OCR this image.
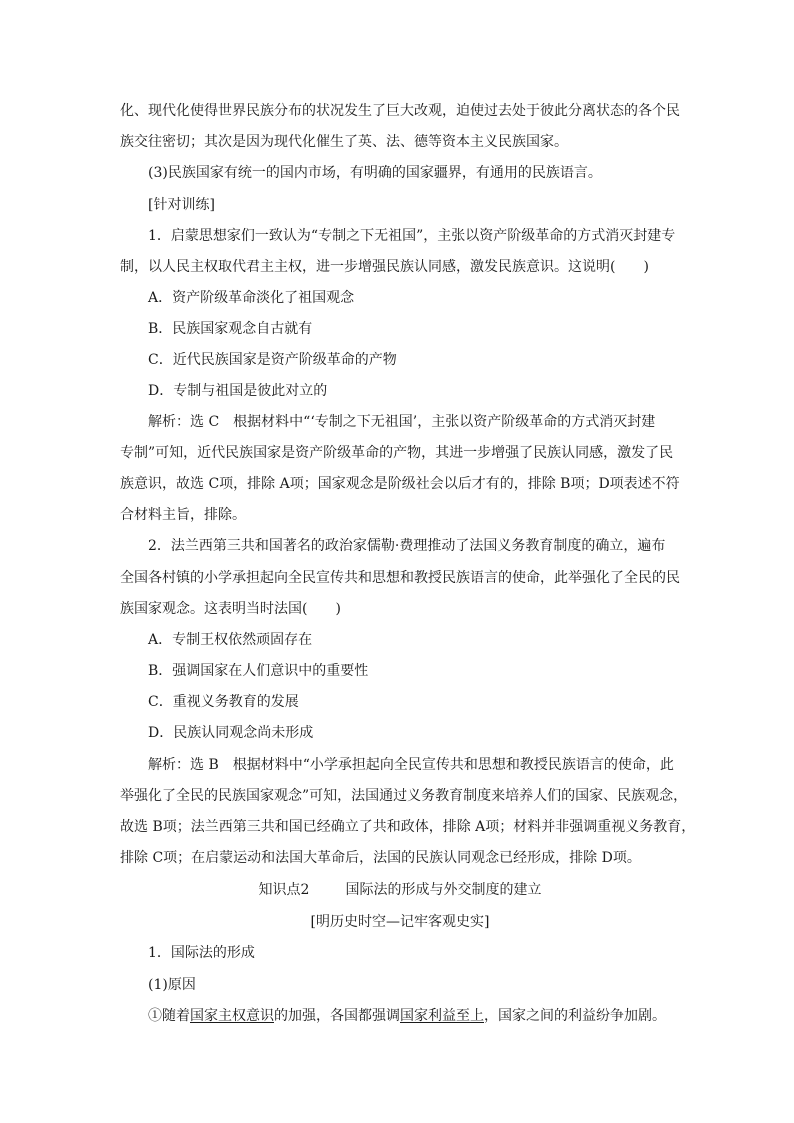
化、现代化使得世界民族分布的状况发生了巨大改观，迫使过去处于彼此分离状态的各个民
族交往密切；其次是因为现代化催生了英、法、德等资本主义民族国家。
(3)民族国家有统一的国内市场，有明确的国家疆界，有通用的民族语言。
[针对训练]
1．启蒙思想家们一致认为“专制之下无祖国”，主张以资产阶级革命的方式消灭封建专
制，以人民主权取代君主主权，进一步增强民族认同感，激发民族意识。这说明(　　)
A．资产阶级革命淡化了祖国观念
B．民族国家观念自古就有
C．近代民族国家是资产阶级革命的产物
D．专制与祖国是彼此对立的
解析：选 C　根据材料中“‘专制之下无祖国’，主张以资产阶级革命的方式消灭封建
专制”可知，近代民族国家是资产阶级革命的产物，其进一步增强了民族认同感，激发了民
族意识，故选 C项，排除 A项；国家观念是阶级社会以后才有的，排除 B项；D项表述不符
合材料主旨，排除。
2．法兰西第三共和国著名的政治家儒勒·费理推动了法国义务教育制度的确立，遍布
全国各村镇的小学承担起向全民宣传共和思想和教授民族语言的使命，此举强化了全民的民
族国家观念。这表明当时法国(　　)
A．专制王权依然顽固存在
B．强调国家在人们意识中的重要性
C．重视义务教育的发展
D．民族认同观念尚未形成
解析：选 B　根据材料中“小学承担起向全民宣传共和思想和教授民族语言的使命，此
举强化了全民的民族国家观念”可知，法国通过义务教育制度来培养人们的国家、民族观念，
故选 B项；法兰西第三共和国已经确立了共和政体，排除 A项；材料并非强调重视义务教育，
排除 C项；在启蒙运动和法国大革命后，法国的民族认同观念已经形成，排除 D项。
知识点2	国际法的形成与外交制度的建立
[明历史时空—记牢客观史实]
1．国际法的形成
(1)原因
①随着国家主权意识的加强，各国都强调国家利益至上，国家之间的利益纷争加剧。
